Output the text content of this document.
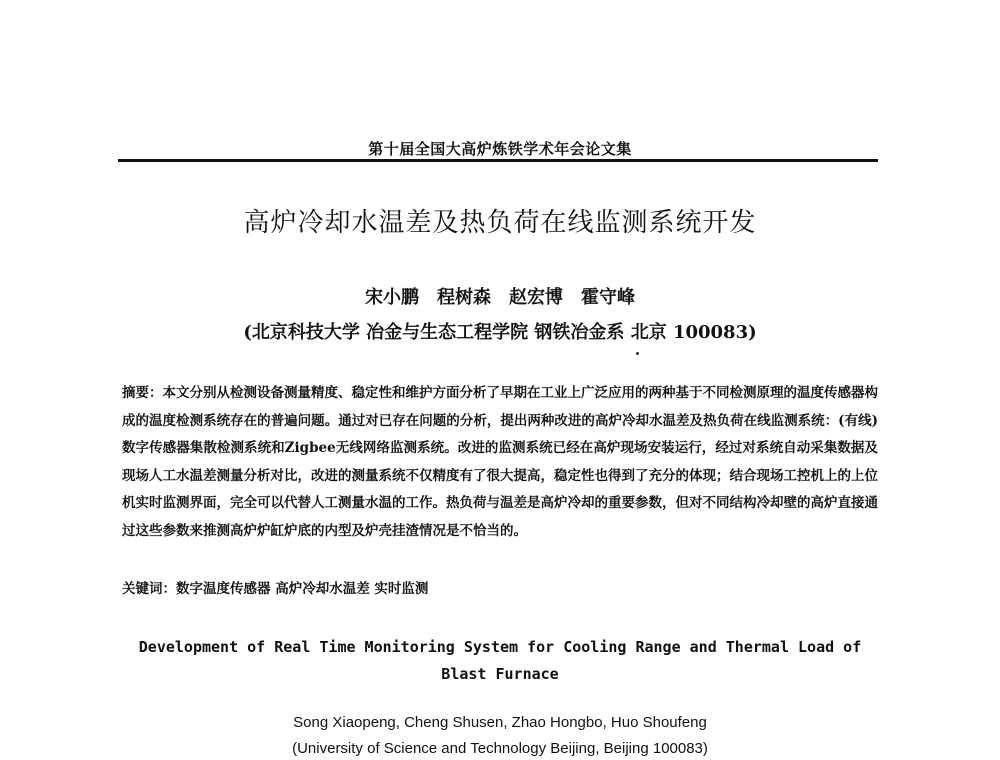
第十届全国大高炉炼铁学术年会论文集
高炉冷却水温差及热负荷在线监测系统开发
宋小鹏　程树森　赵宏博　霍守峰
(北京科技大学 冶金与生态工程学院 钢铁冶金系 北京 100083)
摘要：本文分别从检测设备测量精度、稳定性和维护方面分析了早期在工业上广泛应用的两种基于不同检测原理的温度传感器构成的温度检测系统存在的普遍问题。通过对已存在问题的分析，提出两种改进的高炉冷却水温差及热负荷在线监测系统：(有线)数字传感器集散检测系统和Zigbee无线网络监测系统。改进的监测系统已经在高炉现场安装运行，经过对系统自动采集数据及现场人工水温差测量分析对比，改进的测量系统不仅精度有了很大提高，稳定性也得到了充分的体现；结合现场工控机上的上位机实时监测界面，完全可以代替人工测量水温的工作。热负荷与温差是高炉冷却的重要参数，但对不同结构冷却壁的高炉直接通过这些参数来推测高炉炉缸炉底的内型及炉壳挂渣情况是不恰当的。
关键词：数字温度传感器 高炉冷却水温差 实时监测
Development of Real Time Monitoring System for Cooling Range and Thermal Load of Blast Furnace
Song Xiaopeng, Cheng Shusen, Zhao Hongbo, Huo Shoufeng
(University of Science and Technology Beijing, Beijing 100083)
